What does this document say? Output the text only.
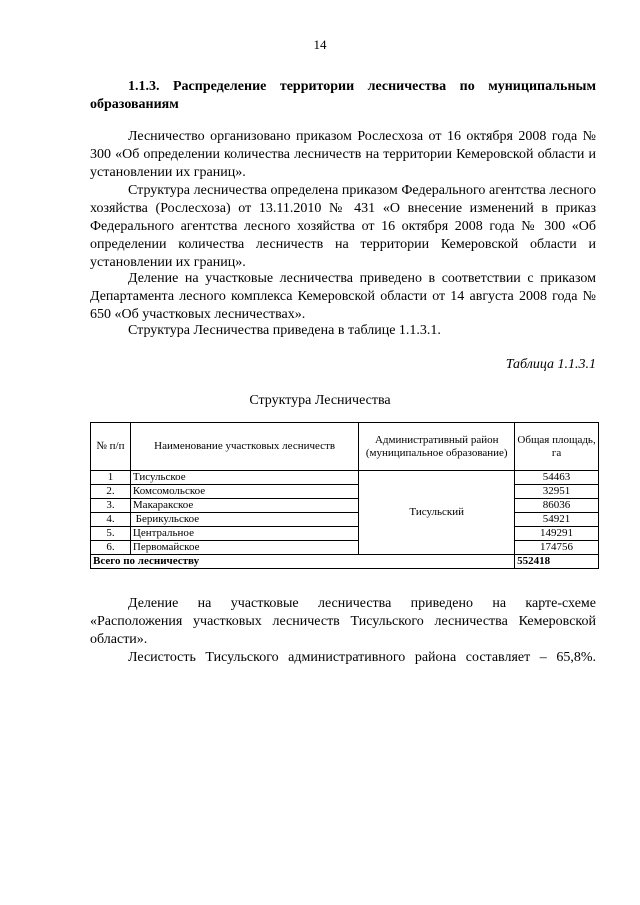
14
1.1.3. Распределение территории лесничества по муниципальным образованиям

Лесничество организовано приказом Рослесхоза от 16 октября 2008 года № 300 «Об определении количества лесничеств на территории Кемеровской области и установлении их границ».

Структура лесничества определена приказом Федерального агентства лесного хозяйства (Рослесхоза) от 13.11.2010 № 431 «О внесение изменений в приказ Федерального агентства лесного хозяйства от 16 октября 2008 года № 300 «Об определении количества лесничеств на территории Кемеровской области и установлении их границ».

Деление на участковые лесничества приведено в соответствии с приказом Департамента лесного комплекса Кемеровской области от 14 августа 2008 года № 650 «Об участковых лесничествах».

Структура Лесничества приведена в таблице 1.1.3.1.

Таблица 1.1.3.1
Структура Лесничества
№ п/п	Наименование участковых лесничеств	Административный район (муниципальное образование)	Общая площадь, га
1	Тисульское	Тисульский	54463
2.	Комсомольское		32951
3.	Макаракское		86036
4.	Берикульское		54921
5.	Центральное		149291
6.	Первомайское		174756
Всего по лесничеству			552418

Деление на участковые лесничества приведено на карте-схеме «Расположения участковых лесничеств Тисульского лесничества Кемеровской области».

Лесистость Тисульского административного района составляет – 65,8%.
